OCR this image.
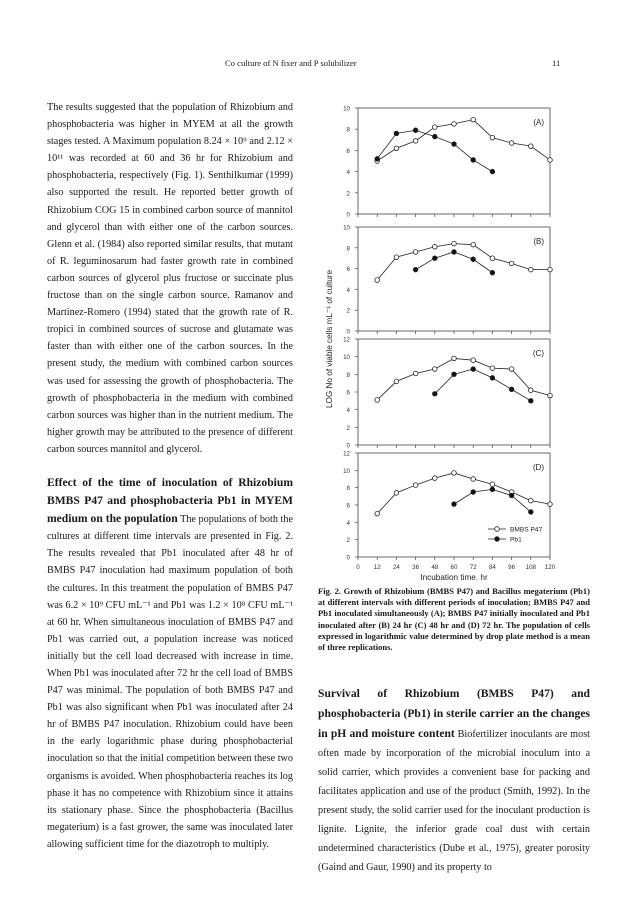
Co culture of N fixer and P solubilizer	11

The results suggested that the population of Rhizobium and phosphobacteria was higher in MYEM at all the growth stages tested. A Maximum population 8.24 × 10⁹ and 2.12 × 10¹¹ was recorded at 60 and 36 hr for Rhizobium and phosphobacteria, respectively (Fig. 1). Senthilkumar (1999) also supported the result. He reported better growth of Rhizobium COG 15 in combined carbon source of mannitol and glycerol than with either one of the carbon sources. Glenn et al. (1984) also reported similar results, that mutant of R. leguminosarum had faster growth rate in combined carbon sources of glycerol plus fructose or succinate plus fructose than on the single carbon source. Ramanov and Martinez-Romero (1994) stated that the growth rate of R. tropici in combined sources of sucrose and glutamate was faster than with either one of the carbon sources. In the present study, the medium with combined carbon sources was used for assessing the growth of phosphobacteria. The growth of phosphobacteria in the medium with combined carbon sources was higher than in the nutrient medium. The higher growth may be attributed to the presence of different carbon sources mannitol and glycerol.

Effect of the time of inoculation of Rhizobium BMBS P47 and phosphobacteria Pb1 in MYEM medium on the population The populations of both the cultures at different time intervals are presented in Fig. 2. The results revealed that Pb1 inoculated after 48 hr of BMBS P47 inoculation had maximum population of both the cultures. In this treatment the population of BMBS P47 was 6.2 × 10⁹ CFU mL⁻¹ and Pb1 was 1.2 × 10⁸ CFU mL⁻¹ at 60 hr. When simultaneous inoculation of BMBS P47 and Pb1 was carried out, a population increase was noticed initially but the cell load decreased with increase in time. When Pb1 was inoculated after 72 hr the cell load of BMBS P47 was minimal. The population of both BMBS P47 and Pb1 was also significant when Pb1 was inoculated after 24 hr of BMBS P47 inoculation. Rhizobium could have been in the early logarithmic phase during phosphobacterial inoculation so that the initial competition between these two organisms is avoided. When phosphobacteria reaches its log phase it has no competence with Rhizobium since it attains its stationary phase. Since the phosphobacteria (Bacillus megaterium) is a fast grower, the same was inoculated later allowing sufficient time for the diazotroph to multiply.

LOG No of viable cells mL⁻¹ of culture
0
2
4
6
8
10
(A)
0
2
4
6
8
10
(B)
0
2
4
6
8
10
12
(C)
0
2
4
6
8
10
12
(D)
0 12 24 36 48 60 72 84 96 108 120
Incubation time. hr
BMBS P47
Pb1
Fig. 2. Growth of Rhizobium (BMBS P47) and Bacillus megaterium (Pb1) at different intervals with different periods of inoculation; BMBS P47 and Pb1 inoculated simultaneously (A); BMBS P47 initially inoculated and Pb1 inoculated after (B) 24 hr (C) 48 hr and (D) 72 hr. The population of cells expressed in logarithmic value determined by drop plate method is a mean of three replications.

Survival of Rhizobium (BMBS P47) and phosphobacteria (Pb1) in sterile carrier an the changes in pH and moisture content Biofertilizer inoculants are most often made by incorporation of the microbial inoculum into a solid carrier, which provides a convenient base for packing and facilitates application and use of the product (Smith, 1992). In the present study, the solid carrier used for the inoculant production is lignite. Lignite, the inferior grade coal dust with certain undetermined characteristics (Dube et al., 1975), greater porosity (Gaind and Gaur, 1990) and its property to
